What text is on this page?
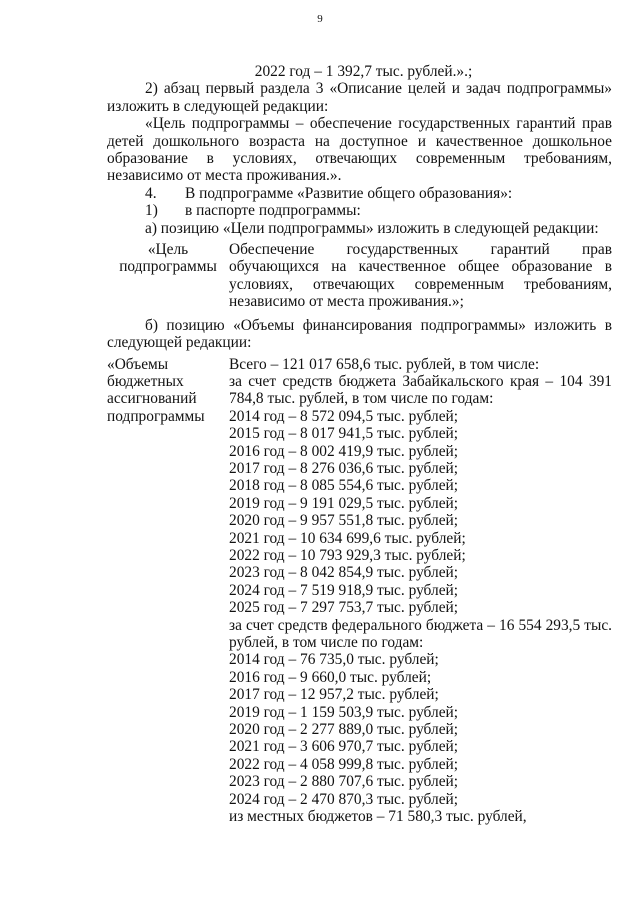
9
2022 год – 1 392,7 тыс. рублей.».;
2) абзац первый раздела 3 «Описание целей и задач подпрограммы» изложить в следующей редакции:
«Цель подпрограммы – обеспечение государственных гарантий прав детей дошкольного возраста на доступное и качественное дошкольное образование в условиях, отвечающих современным требованиям, независимо от места проживания.».
4.	В подпрограмме «Развитие общего образования»:
1)	в паспорте подпрограммы:
а) позицию «Цели подпрограммы» изложить в следующей редакции:
«Цель подпрограммы
Обеспечение государственных гарантий прав обучающихся на качественное общее образование в условиях, отвечающих современным требованиям, независимо от места проживания.»;
б) позицию «Объемы финансирования подпрограммы» изложить в следующей редакции:
«Объемы бюджетных ассигнований подпрограммы
Всего – 121 017 658,6 тыс. рублей, в том числе:
за счет средств бюджета Забайкальского края – 104 391 784,8 тыс. рублей, в том числе по годам:
2014 год – 8 572 094,5 тыс. рублей;
2015 год – 8 017 941,5 тыс. рублей;
2016 год – 8 002 419,9 тыс. рублей;
2017 год – 8 276 036,6 тыс. рублей;
2018 год – 8 085 554,6 тыс. рублей;
2019 год – 9 191 029,5 тыс. рублей;
2020 год – 9 957 551,8 тыс. рублей;
2021 год – 10 634 699,6 тыс. рублей;
2022 год – 10 793 929,3 тыс. рублей;
2023 год – 8 042 854,9 тыс. рублей;
2024 год – 7 519 918,9 тыс. рублей;
2025 год – 7 297 753,7 тыс. рублей;
за счет средств федерального бюджета – 16 554 293,5 тыс. рублей, в том числе по годам:
2014 год – 76 735,0 тыс. рублей;
2016 год – 9 660,0 тыс. рублей;
2017 год – 12 957,2 тыс. рублей;
2019 год – 1 159 503,9 тыс. рублей;
2020 год – 2 277 889,0 тыс. рублей;
2021 год – 3 606 970,7 тыс. рублей;
2022 год – 4 058 999,8 тыс. рублей;
2023 год – 2 880 707,6 тыс. рублей;
2024 год – 2 470 870,3 тыс. рублей;
из местных бюджетов – 71 580,3 тыс. рублей,
